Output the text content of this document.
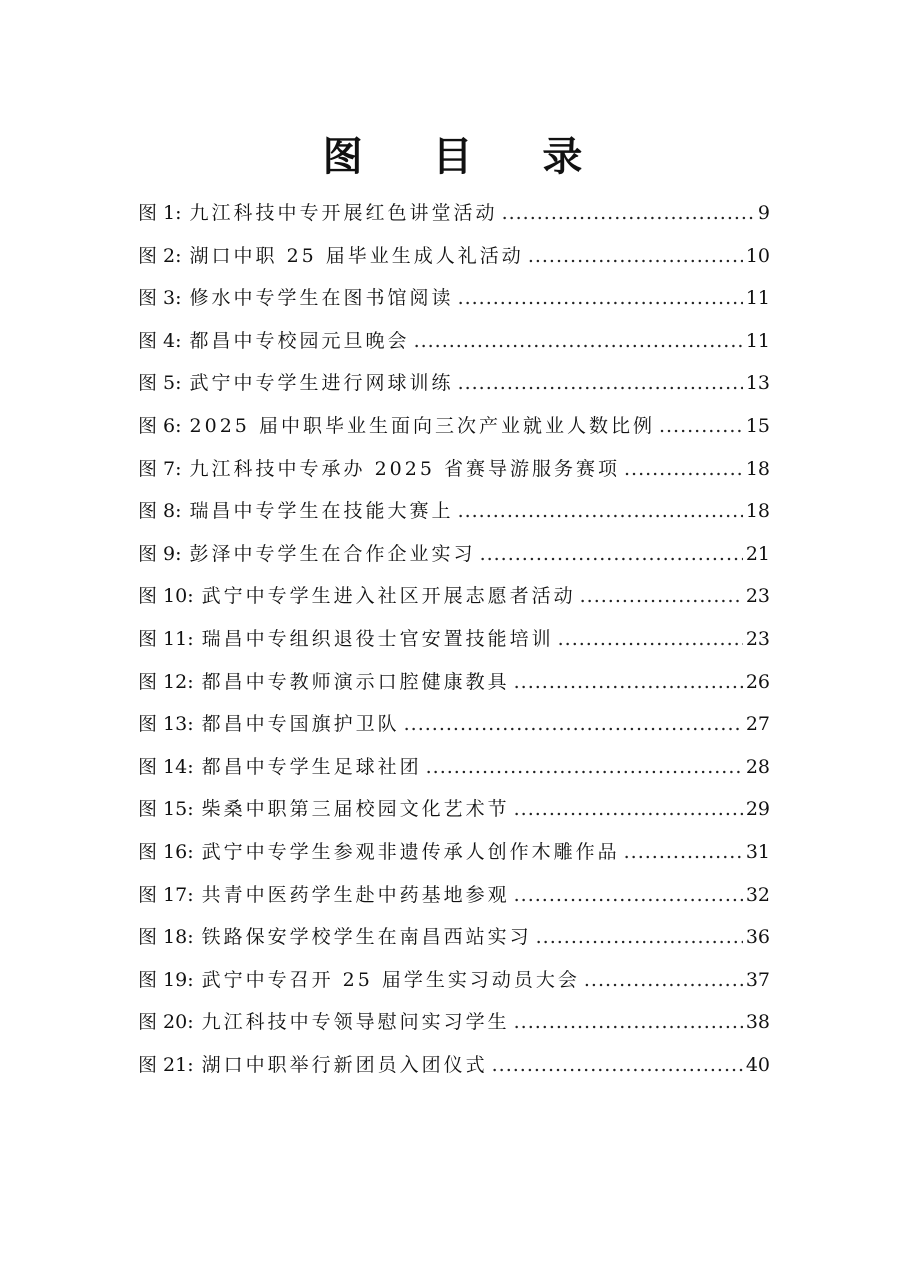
图 目 录
图 1 : 九江科技中专开展红色讲堂活动 .....	9
图 2 : 湖口中职 25 届毕业生成人礼活动 .....	10
图 3 : 修水中专学生在图书馆阅读 .....	11
图 4 : 都昌中专校园元旦晚会 .....	11
图 5 : 武宁中专学生进行网球训练 .....	13
图 6 : 2025 届中职毕业生面向三次产业就业人数比例 .....	15
图 7 : 九江科技中专承办 2025 省赛导游服务赛项 .....	18
图 8 : 瑞昌中专学生在技能大赛上 .....	18
图 9 : 彭泽中专学生在合作企业实习 .....	21
图 10 : 武宁中专学生进入社区开展志愿者活动 .....	23
图 11 : 瑞昌中专组织退役士官安置技能培训 .....	23
图 12 : 都昌中专教师演示口腔健康教具 .....	26
图 13 : 都昌中专国旗护卫队 .....	27
图 14 : 都昌中专学生足球社团 .....	28
图 15 : 柴桑中职第三届校园文化艺术节 .....	29
图 16 : 武宁中专学生参观非遗传承人创作木雕作品 .....	31
图 17 : 共青中医药学生赴中药基地参观 .....	32
图 18 : 铁路保安学校学生在南昌西站实习 .....	36
图 19 : 武宁中专召开 25 届学生实习动员大会 .....	37
图 20 : 九江科技中专领导慰问实习学生 .....	38
图 21 : 湖口中职举行新团员入团仪式 .....	40
